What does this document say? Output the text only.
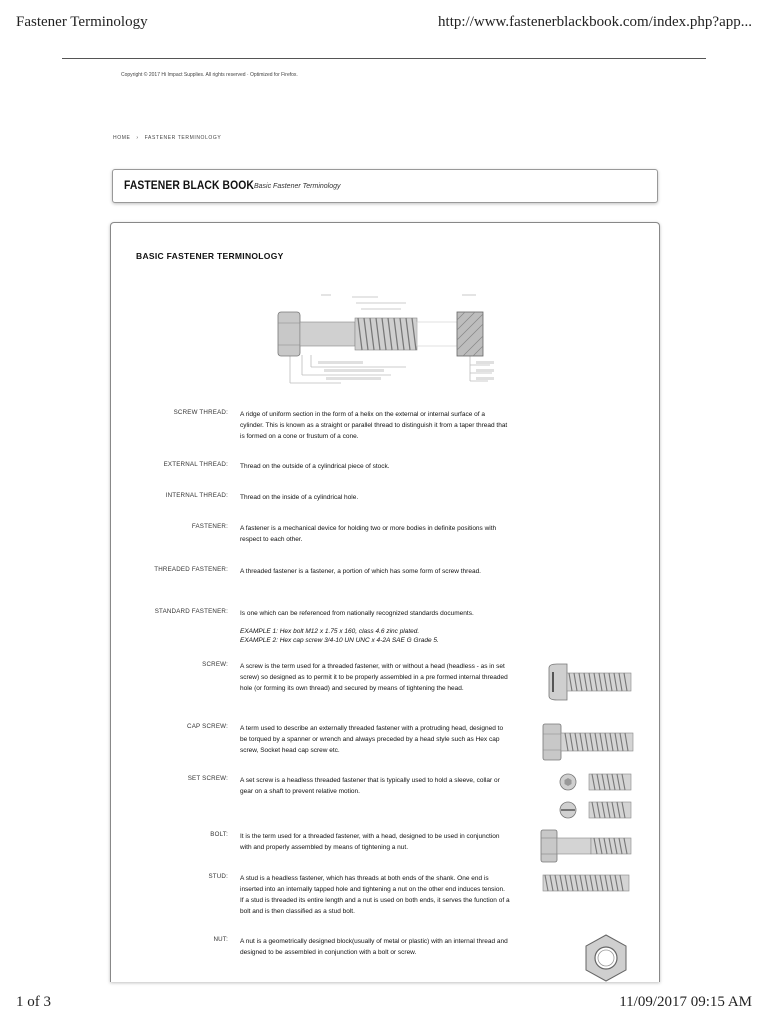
Fastener Terminology	http://www.fastenerblackbook.com/index.php?app...
Copyright © 2017 Hi Impact Supplies. All rights reserved · Optimized for Firefox.
HOME › FASTENER TERMINOLOGY
FASTENER BLACK BOOK Basic Fastener Terminology
BASIC FASTENER TERMINOLOGY
SCREW THREAD: A ridge of uniform section in the form of a helix on the external or internal surface of a cylinder. This is known as a straight or parallel thread to distinguish it from a taper thread that is formed on a cone or frustum of a cone.
EXTERNAL THREAD: Thread on the outside of a cylindrical piece of stock.
INTERNAL THREAD: Thread on the inside of a cylindrical hole.
FASTENER: A fastener is a mechanical device for holding two or more bodies in definite positions with respect to each other.
THREADED FASTENER: A threaded fastener is a fastener, a portion of which has some form of screw thread.
STANDARD FASTENER: Is one which can be referenced from nationally recognized standards documents.
EXAMPLE 1: Hex bolt M12 x 1.75 x 160, class 4.6 zinc plated.
EXAMPLE 2: Hex cap screw 3/4-10 UN UNC x 4-2A SAE G Grade 5.
SCREW: A screw is the term used for a threaded fastener, with or without a head (headless - as in set screw) so designed as to permit it to be properly assembled in a pre formed internal threaded hole (or forming its own thread) and secured by means of tightening the head.
CAP SCREW: A term used to describe an externally threaded fastener with a protruding head, designed to be torqued by a spanner or wrench and always preceded by a head style such as Hex cap screw, Socket head cap screw etc.
SET SCREW: A set screw is a headless threaded fastener that is typically used to hold a sleeve, collar or gear on a shaft to prevent relative motion.
BOLT: It is the term used for a threaded fastener, with a head, designed to be used in conjunction with and properly assembled by means of tightening a nut.
STUD: A stud is a headless fastener, which has threads at both ends of the shank. One end is inserted into an internally tapped hole and tightening a nut on the other end induces tension. If a stud is threaded its entire length and a nut is used on both ends, it serves the function of a bolt and is then classified as a stud bolt.
NUT: A nut is a geometrically designed block(usually of metal or plastic) with an internal thread and designed to be assembled in conjunction with a bolt or screw.
1 of 3	11/09/2017 09:15 AM
